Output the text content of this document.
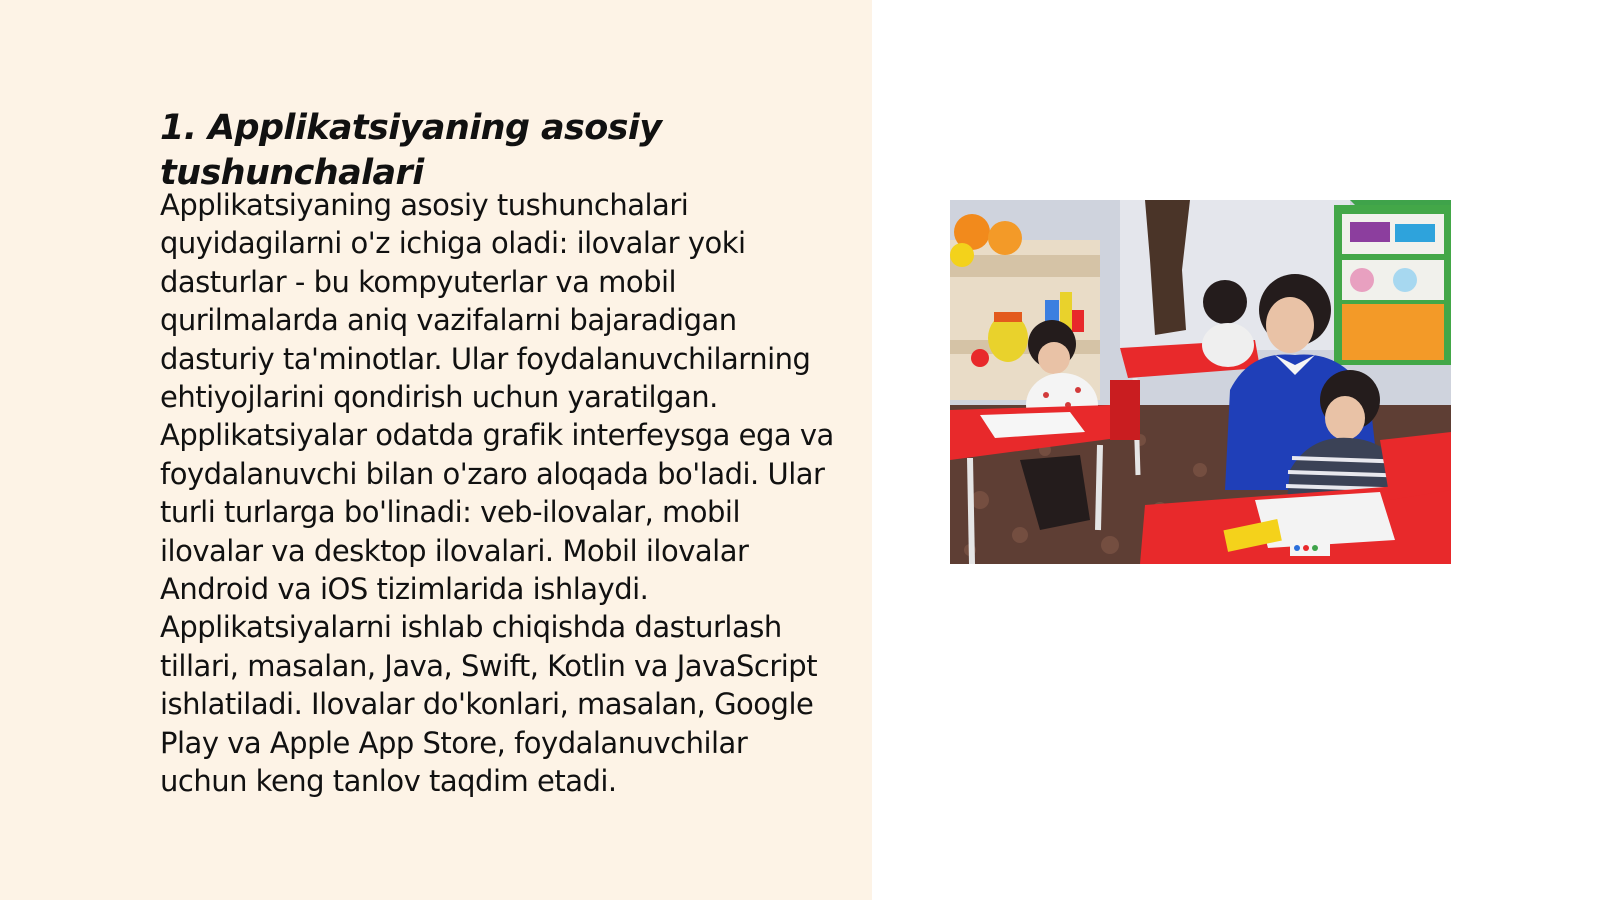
1. Applikatsiyaning asosiy tushunchalari

Applikatsiyaning asosiy tushunchalari quyidagilarni o'z ichiga oladi: ilovalar yoki dasturlar - bu kompyuterlar va mobil qurilmalarda aniq vazifalarni bajaradigan dasturiy ta'minotlar. Ular foydalanuvchilarning ehtiyojlarini qondirish uchun yaratilgan. Applikatsiyalar odatda grafik interfeysga ega va foydalanuvchi bilan o'zaro aloqada bo'ladi. Ular turli turlarga bo'linadi: veb-ilovalar, mobil ilovalar va desktop ilovalari. Mobil ilovalar Android va iOS tizimlarida ishlaydi. Applikatsiyalarni ishlab chiqishda dasturlash tillari, masalan, Java, Swift, Kotlin va JavaScript ishlatiladi. Ilovalar do'konlari, masalan, Google Play va Apple App Store, foydalanuvchilar uchun keng tanlov taqdim etadi.
